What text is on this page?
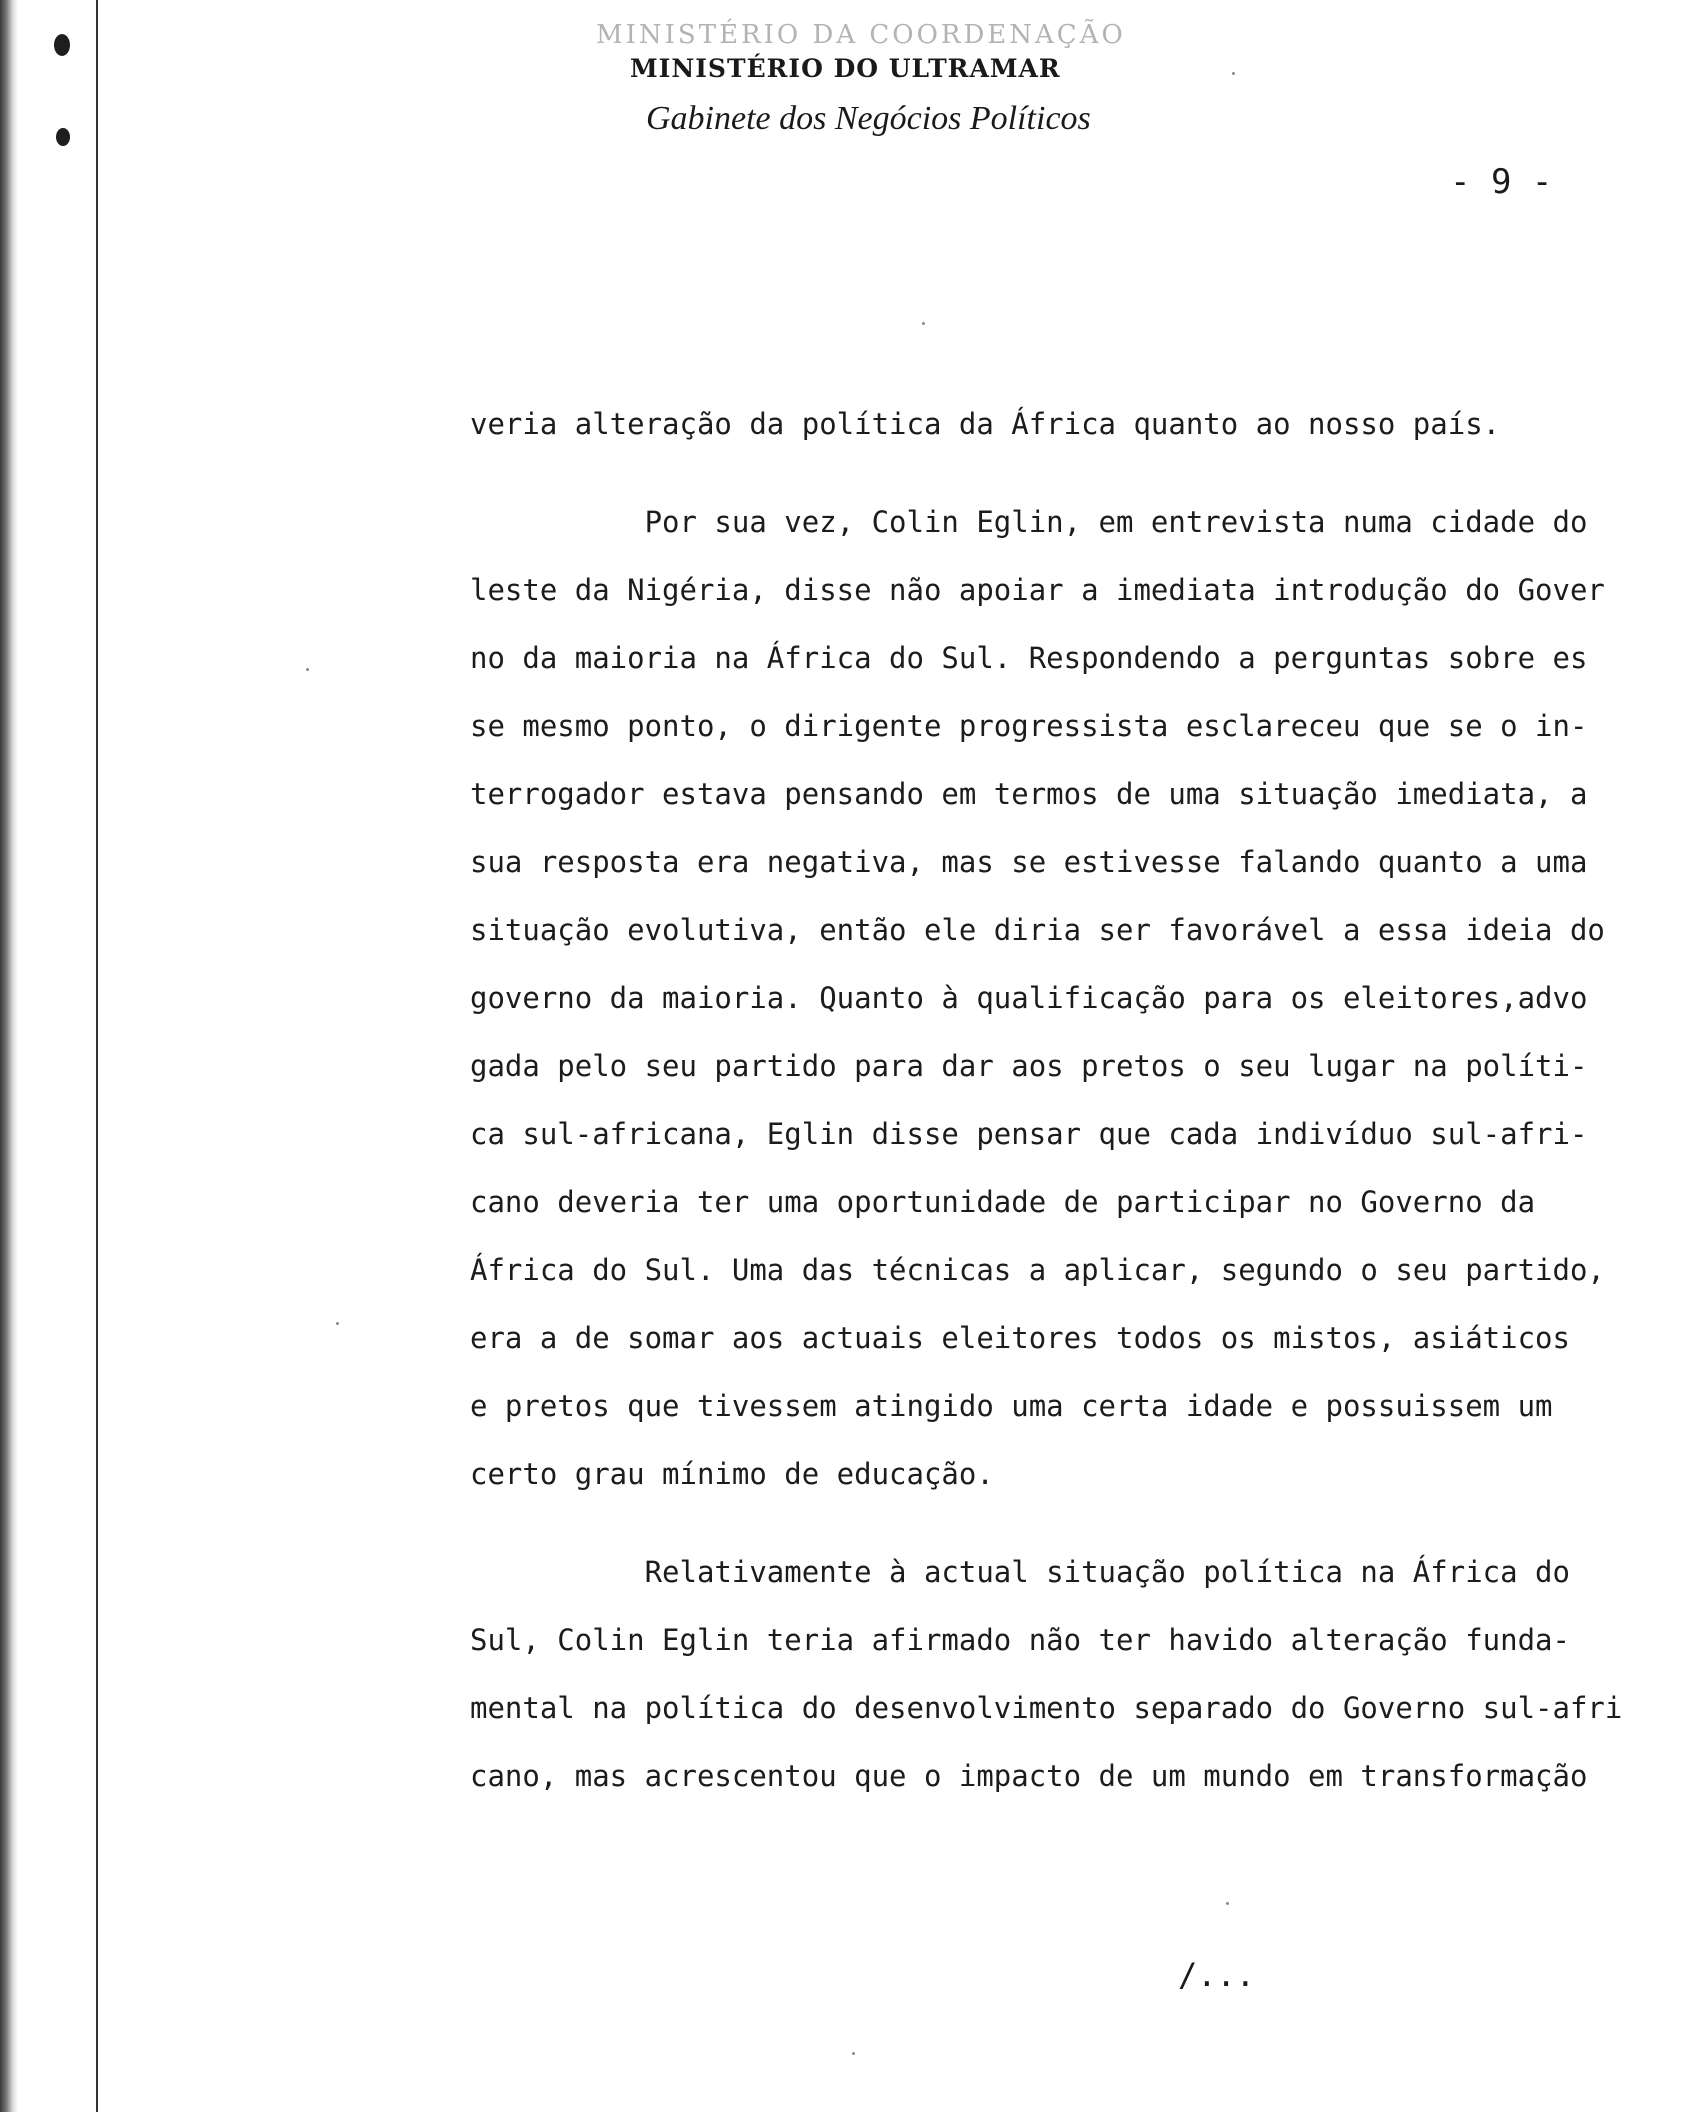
MINISTÉRIO DA COORDENAÇÃO
MINISTÉRIO DO ULTRAMAR
Gabinete dos Negócios Políticos
- 9 -
veria alteração da política da África quanto ao nosso país.
Por sua vez, Colin Eglin, em entrevista numa cidade do
leste da Nigéria, disse não apoiar a imediata introdução do Gover
no da maioria na África do Sul. Respondendo a perguntas sobre es
se mesmo ponto, o dirigente progressista esclareceu que se o in-
terrogador estava pensando em termos de uma situação imediata, a
sua resposta era negativa, mas se estivesse falando quanto a uma
situação evolutiva, então ele diria ser favorável a essa ideia do
governo da maioria. Quanto à qualificação para os eleitores,advo
gada pelo seu partido para dar aos pretos o seu lugar na políti-
ca sul-africana, Eglin disse pensar que cada indivíduo sul-afri-
cano deveria ter uma oportunidade de participar no Governo da
África do Sul. Uma das técnicas a aplicar, segundo o seu partido,
era a de somar aos actuais eleitores todos os mistos, asiáticos
e pretos que tivessem atingido uma certa idade e possuissem um
certo grau mínimo de educação.
Relativamente à actual situação política na África do
Sul, Colin Eglin teria afirmado não ter havido alteração funda-
mental na política do desenvolvimento separado do Governo sul-afri
cano, mas acrescentou que o impacto de um mundo em transformação
/...
